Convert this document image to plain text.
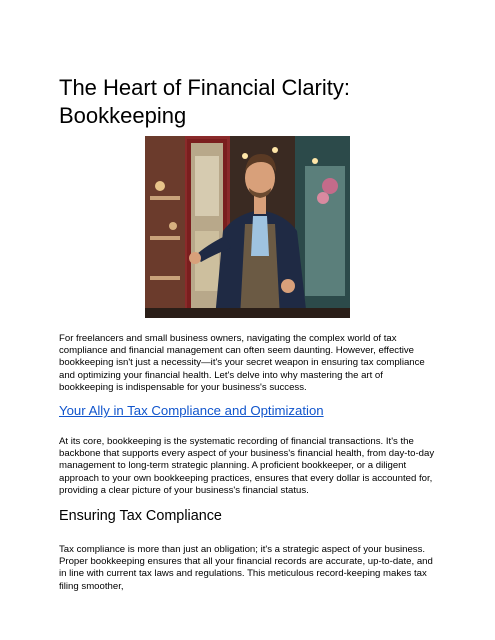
The Heart of Financial Clarity: Bookkeeping

For freelancers and small business owners, navigating the complex world of tax compliance and financial management can often seem daunting. However, effective bookkeeping isn't just a necessity—it's your secret weapon in ensuring tax compliance and optimizing your financial health. Let's delve into why mastering the art of bookkeeping is indispensable for your business's success.

Your Ally in Tax Compliance and Optimization

At its core, bookkeeping is the systematic recording of financial transactions. It's the backbone that supports every aspect of your business's financial health, from day-to-day management to long-term strategic planning. A proficient bookkeeper, or a diligent approach to your own bookkeeping practices, ensures that every dollar is accounted for, providing a clear picture of your business's financial status.

Ensuring Tax Compliance

Tax compliance is more than just an obligation; it's a strategic aspect of your business. Proper bookkeeping ensures that all your financial records are accurate, up-to-date, and in line with current tax laws and regulations. This meticulous record-keeping makes tax filing smoother,
